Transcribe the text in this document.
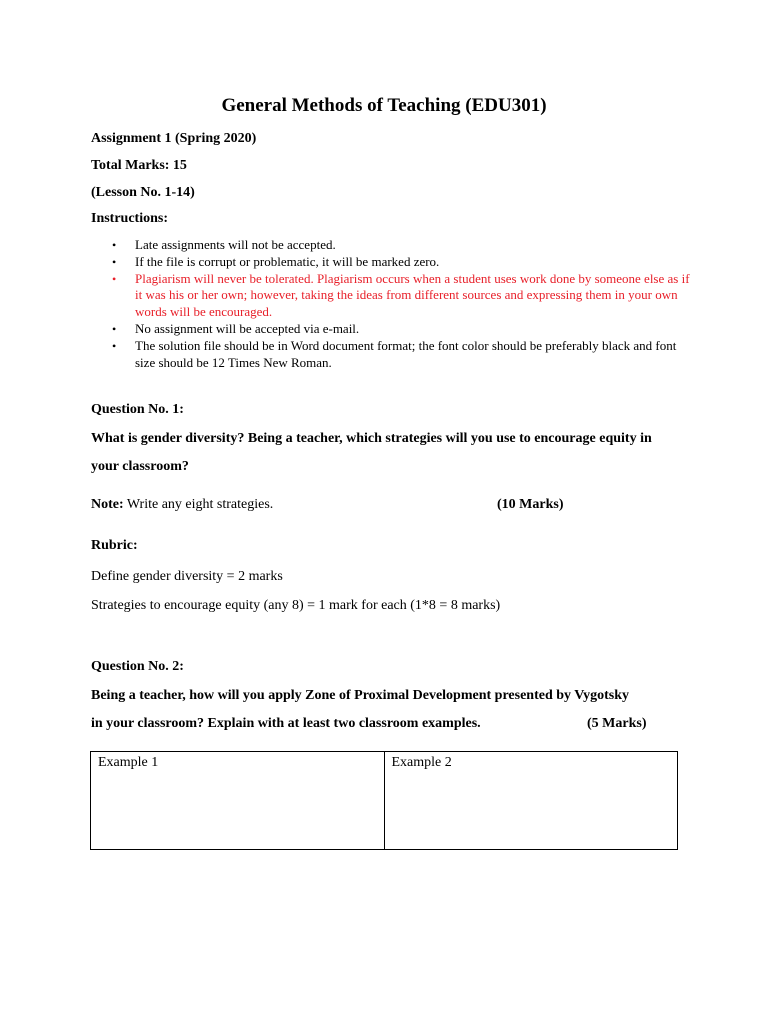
General Methods of Teaching (EDU301)
Assignment 1 (Spring 2020)
Total Marks: 15
(Lesson No. 1-14)
Instructions:
• Late assignments will not be accepted.
• If the file is corrupt or problematic, it will be marked zero.
• Plagiarism will never be tolerated. Plagiarism occurs when a student uses work done by someone else as if it was his or her own; however, taking the ideas from different sources and expressing them in your own words will be encouraged.
• No assignment will be accepted via e-mail.
• The solution file should be in Word document format; the font color should be preferably black and font size should be 12 Times New Roman.
Question No. 1:
What is gender diversity? Being a teacher, which strategies will you use to encourage equity in your classroom?
Note: Write any eight strategies.	(10 Marks)
Rubric:
Define gender diversity = 2 marks
Strategies to encourage equity (any 8) = 1 mark for each (1*8 = 8 marks)
Question No. 2:
Being a teacher, how will you apply Zone of Proximal Development presented by Vygotsky
in your classroom? Explain with at least two classroom examples.	(5 Marks)
Example 1	Example 2
